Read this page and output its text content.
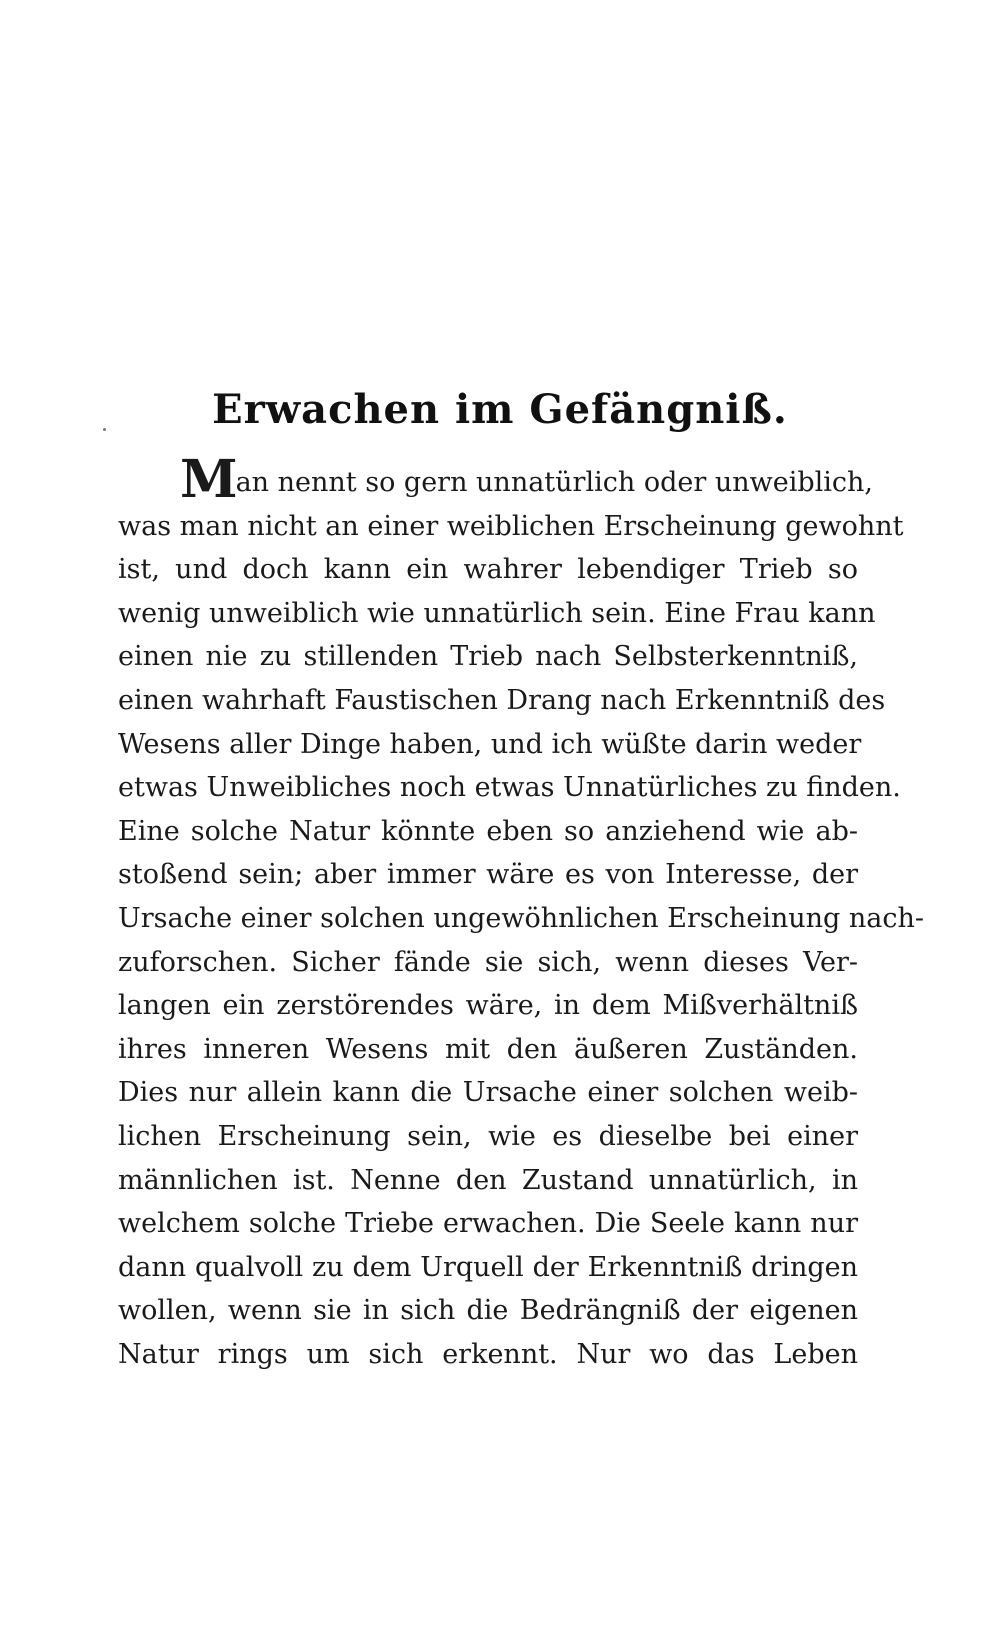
Erwachen im Gefängniß.
Man nennt so gern unnatürlich oder unweiblich,
was man nicht an einer weiblichen Erscheinung gewohnt
ist, und doch kann ein wahrer lebendiger Trieb so
wenig unweiblich wie unnatürlich sein. Eine Frau kann
einen nie zu stillenden Trieb nach Selbsterkenntniß,
einen wahrhaft Faustischen Drang nach Erkenntniß des
Wesens aller Dinge haben, und ich wüßte darin weder
etwas Unweibliches noch etwas Unnatürliches zu finden.
Eine solche Natur könnte eben so anziehend wie ab-
stoßend sein; aber immer wäre es von Interesse, der
Ursache einer solchen ungewöhnlichen Erscheinung nach-
zuforschen. Sicher fände sie sich, wenn dieses Ver-
langen ein zerstörendes wäre, in dem Mißverhältniß
ihres inneren Wesens mit den äußeren Zuständen.
Dies nur allein kann die Ursache einer solchen weib-
lichen Erscheinung sein, wie es dieselbe bei einer
männlichen ist. Nenne den Zustand unnatürlich, in
welchem solche Triebe erwachen. Die Seele kann nur
dann qualvoll zu dem Urquell der Erkenntniß dringen
wollen, wenn sie in sich die Bedrängniß der eigenen
Natur rings um sich erkennt. Nur wo das Leben
